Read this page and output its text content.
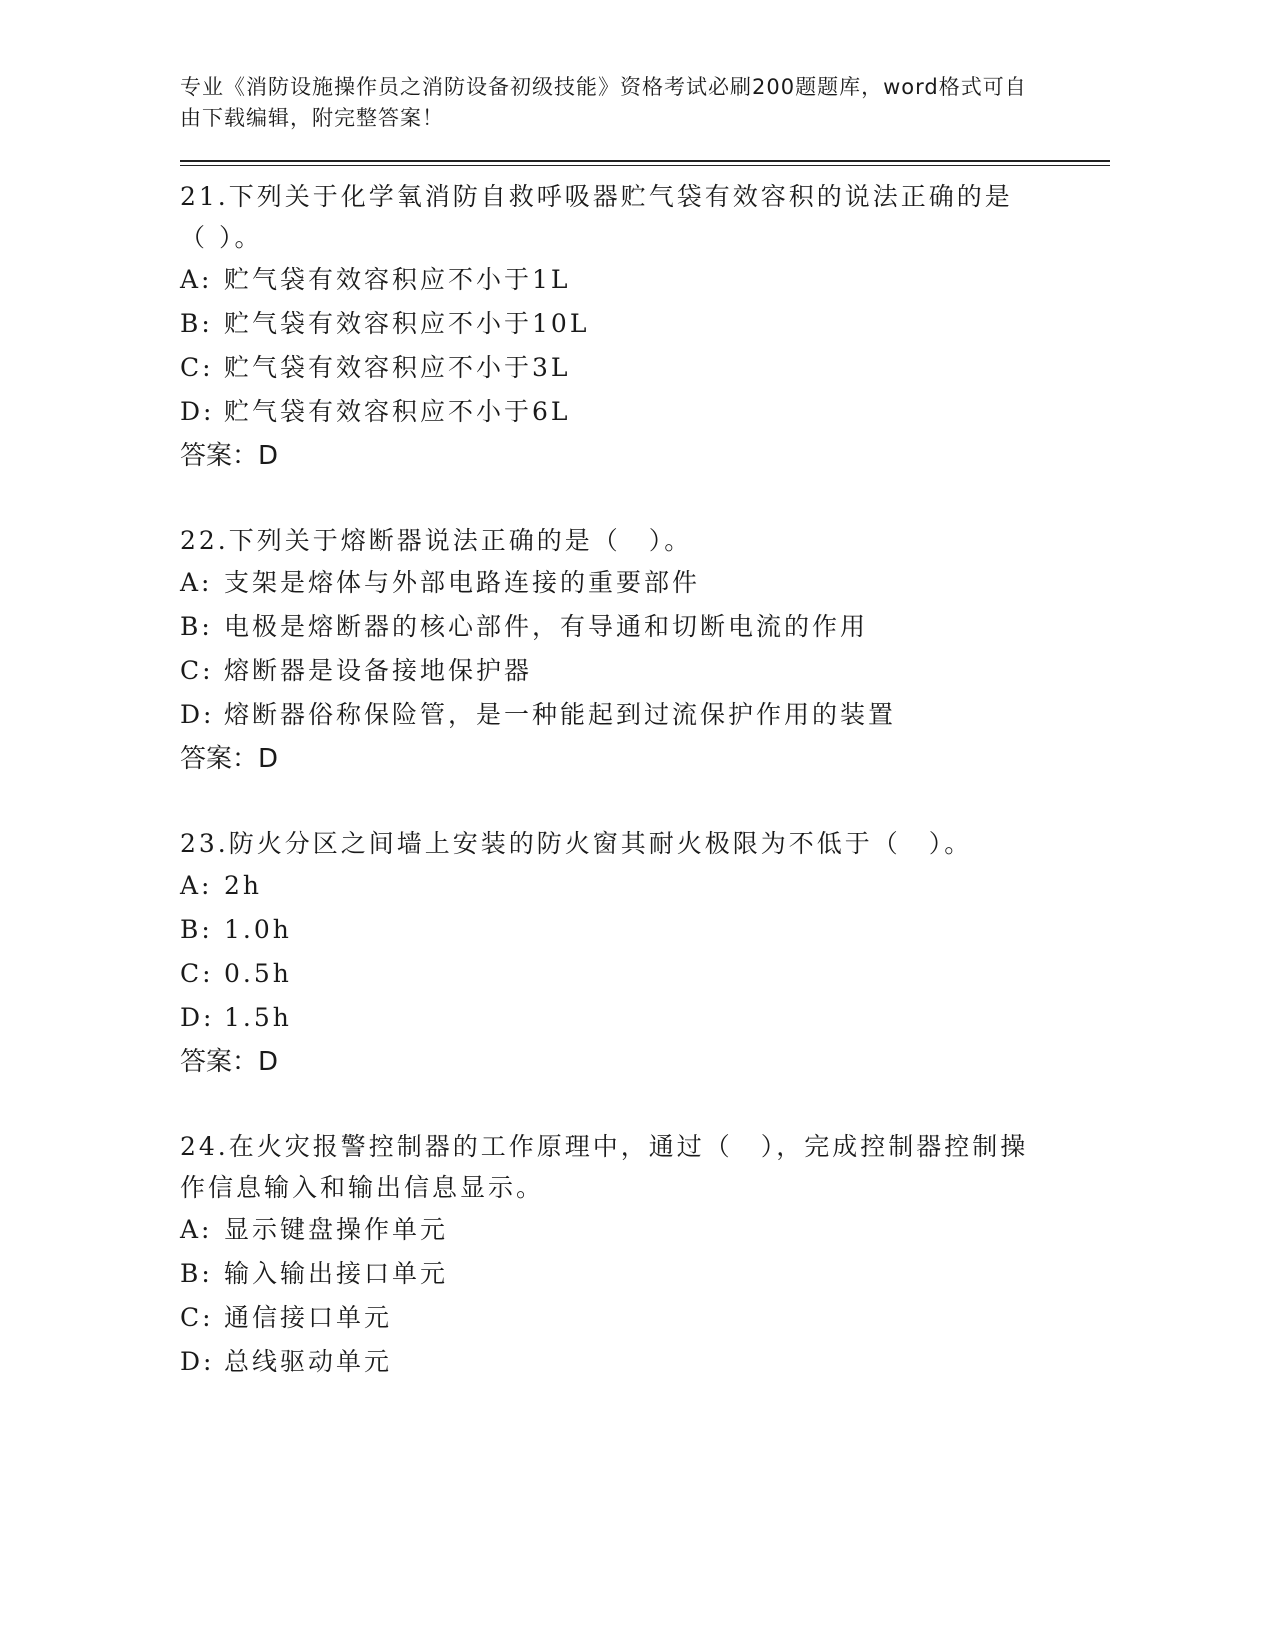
专业《消防设施操作员之消防设备初级技能》资格考试必刷200题题库，word格式可自由下载编辑，附完整答案！

21.下列关于化学氧消防自救呼吸器贮气袋有效容积的说法正确的是（ ）。

A: 贮气袋有效容积应不小于1L

B: 贮气袋有效容积应不小于10L

C: 贮气袋有效容积应不小于3L

D: 贮气袋有效容积应不小于6L

答案：D

22.下列关于熔断器说法正确的是（　）。

A: 支架是熔体与外部电路连接的重要部件

B: 电极是熔断器的核心部件，有导通和切断电流的作用

C: 熔断器是设备接地保护器

D: 熔断器俗称保险管，是一种能起到过流保护作用的装置

答案：D

23.防火分区之间墙上安装的防火窗其耐火极限为不低于（　）。

A: 2h

B: 1.0h

C: 0.5h

D: 1.5h

答案：D

24.在火灾报警控制器的工作原理中，通过（　），完成控制器控制操作信息输入和输出信息显示。

A: 显示键盘操作单元

B: 输入输出接口单元

C: 通信接口单元

D: 总线驱动单元
